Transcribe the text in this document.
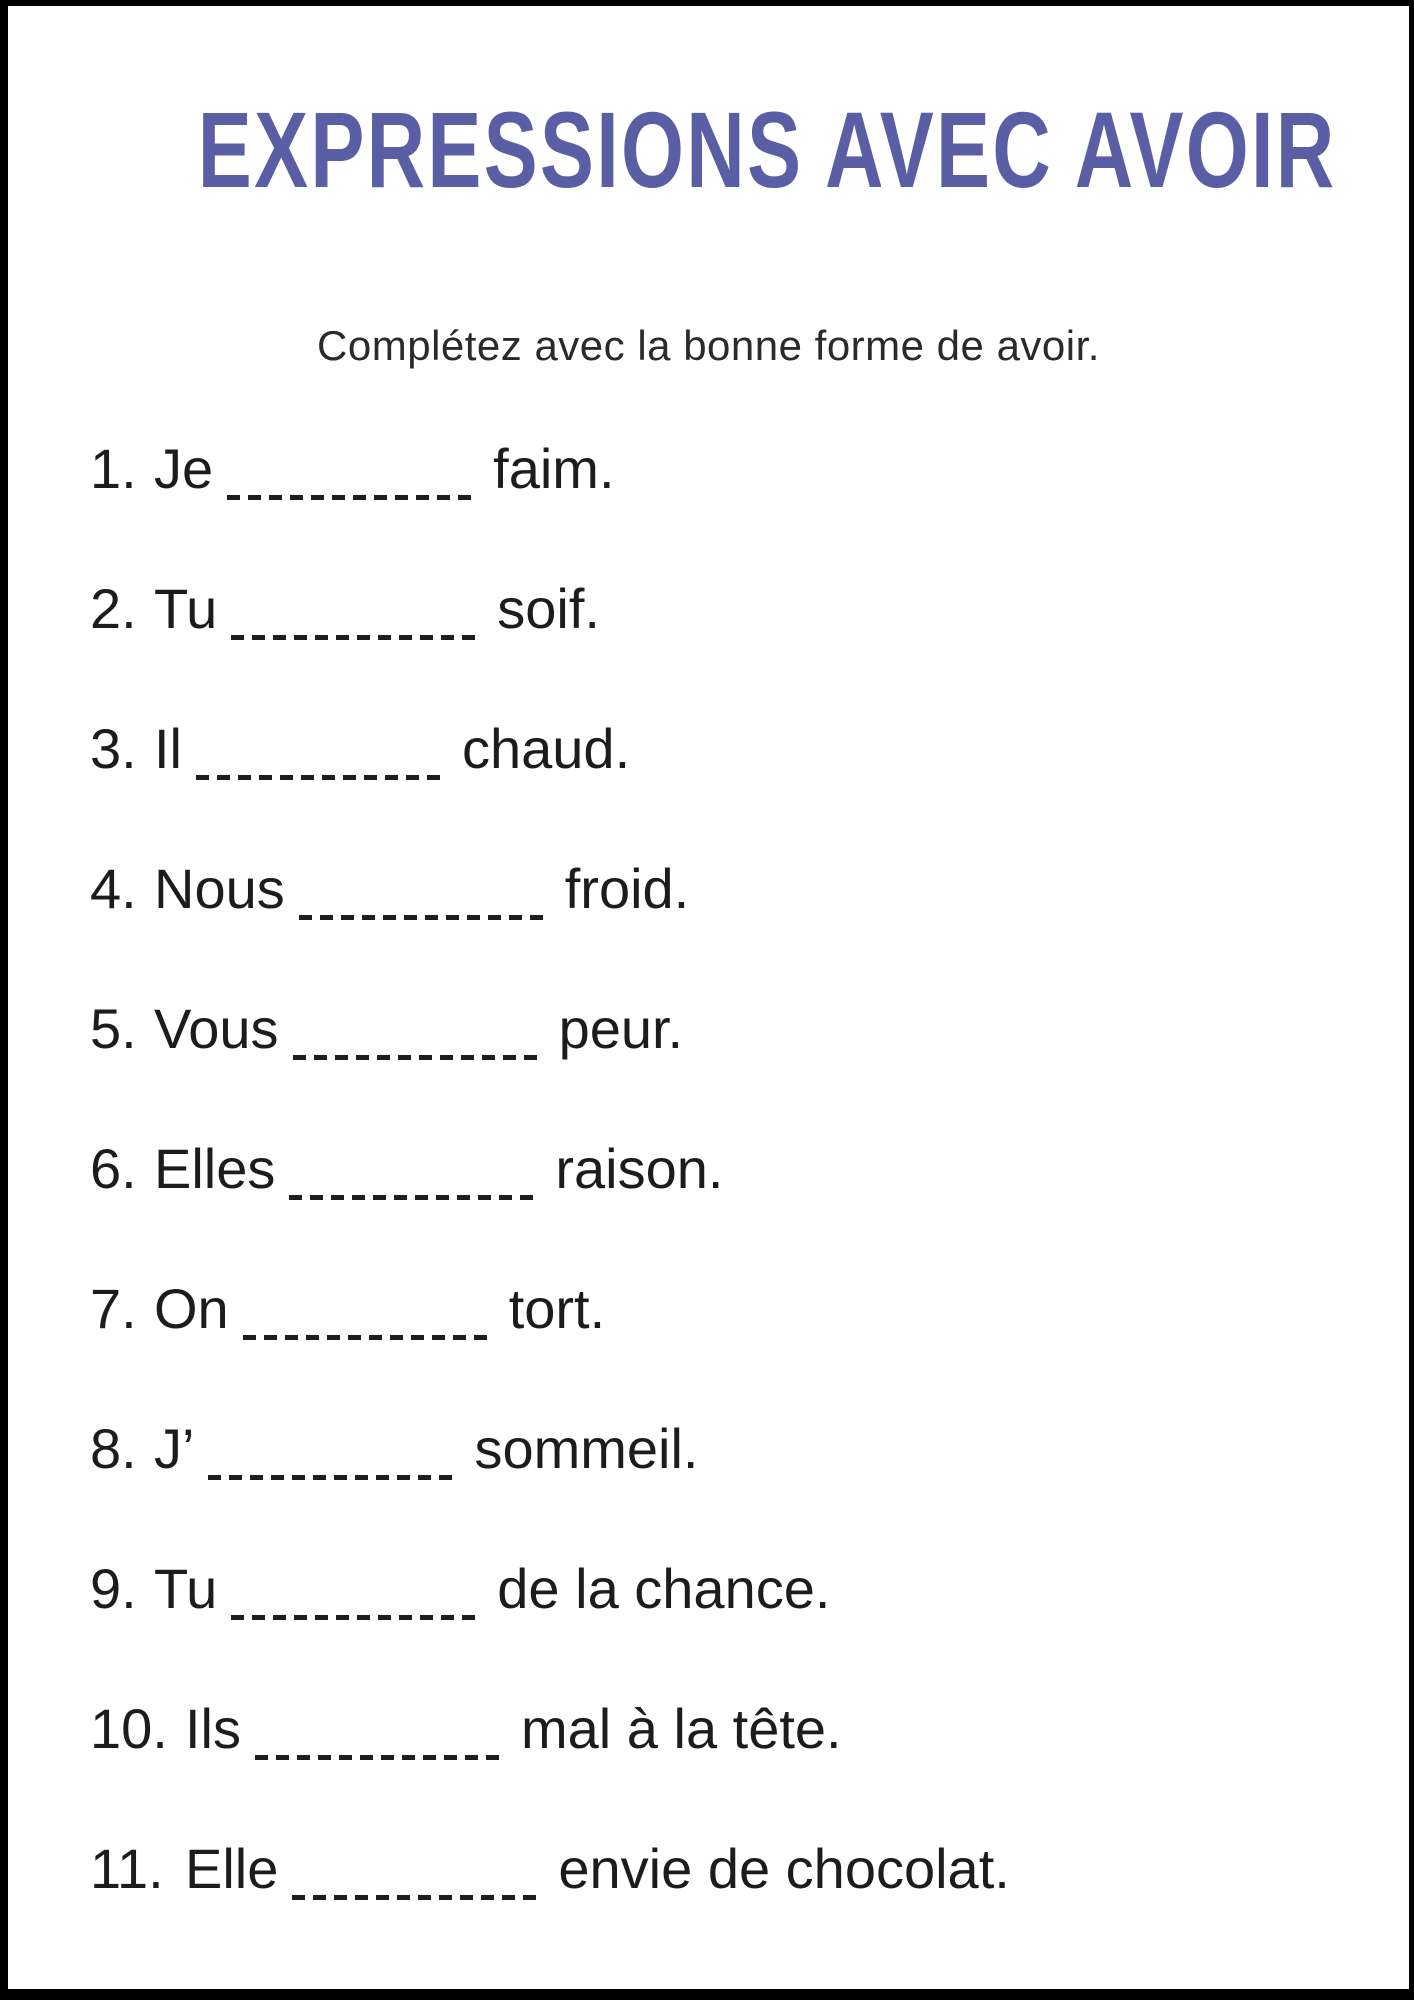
EXPRESSIONS AVEC AVOIR

Complétez avec la bonne forme de avoir.

1. Je	faim.
2. Tu	soif.
3. Il	chaud.
4. Nous	froid.
5. Vous	peur.
6. Elles	raison.
7. On	tort.
8. J’	sommeil.
9. Tu	de la chance.
10. Ils	mal à la tête.
11. Elle	envie de chocolat.
